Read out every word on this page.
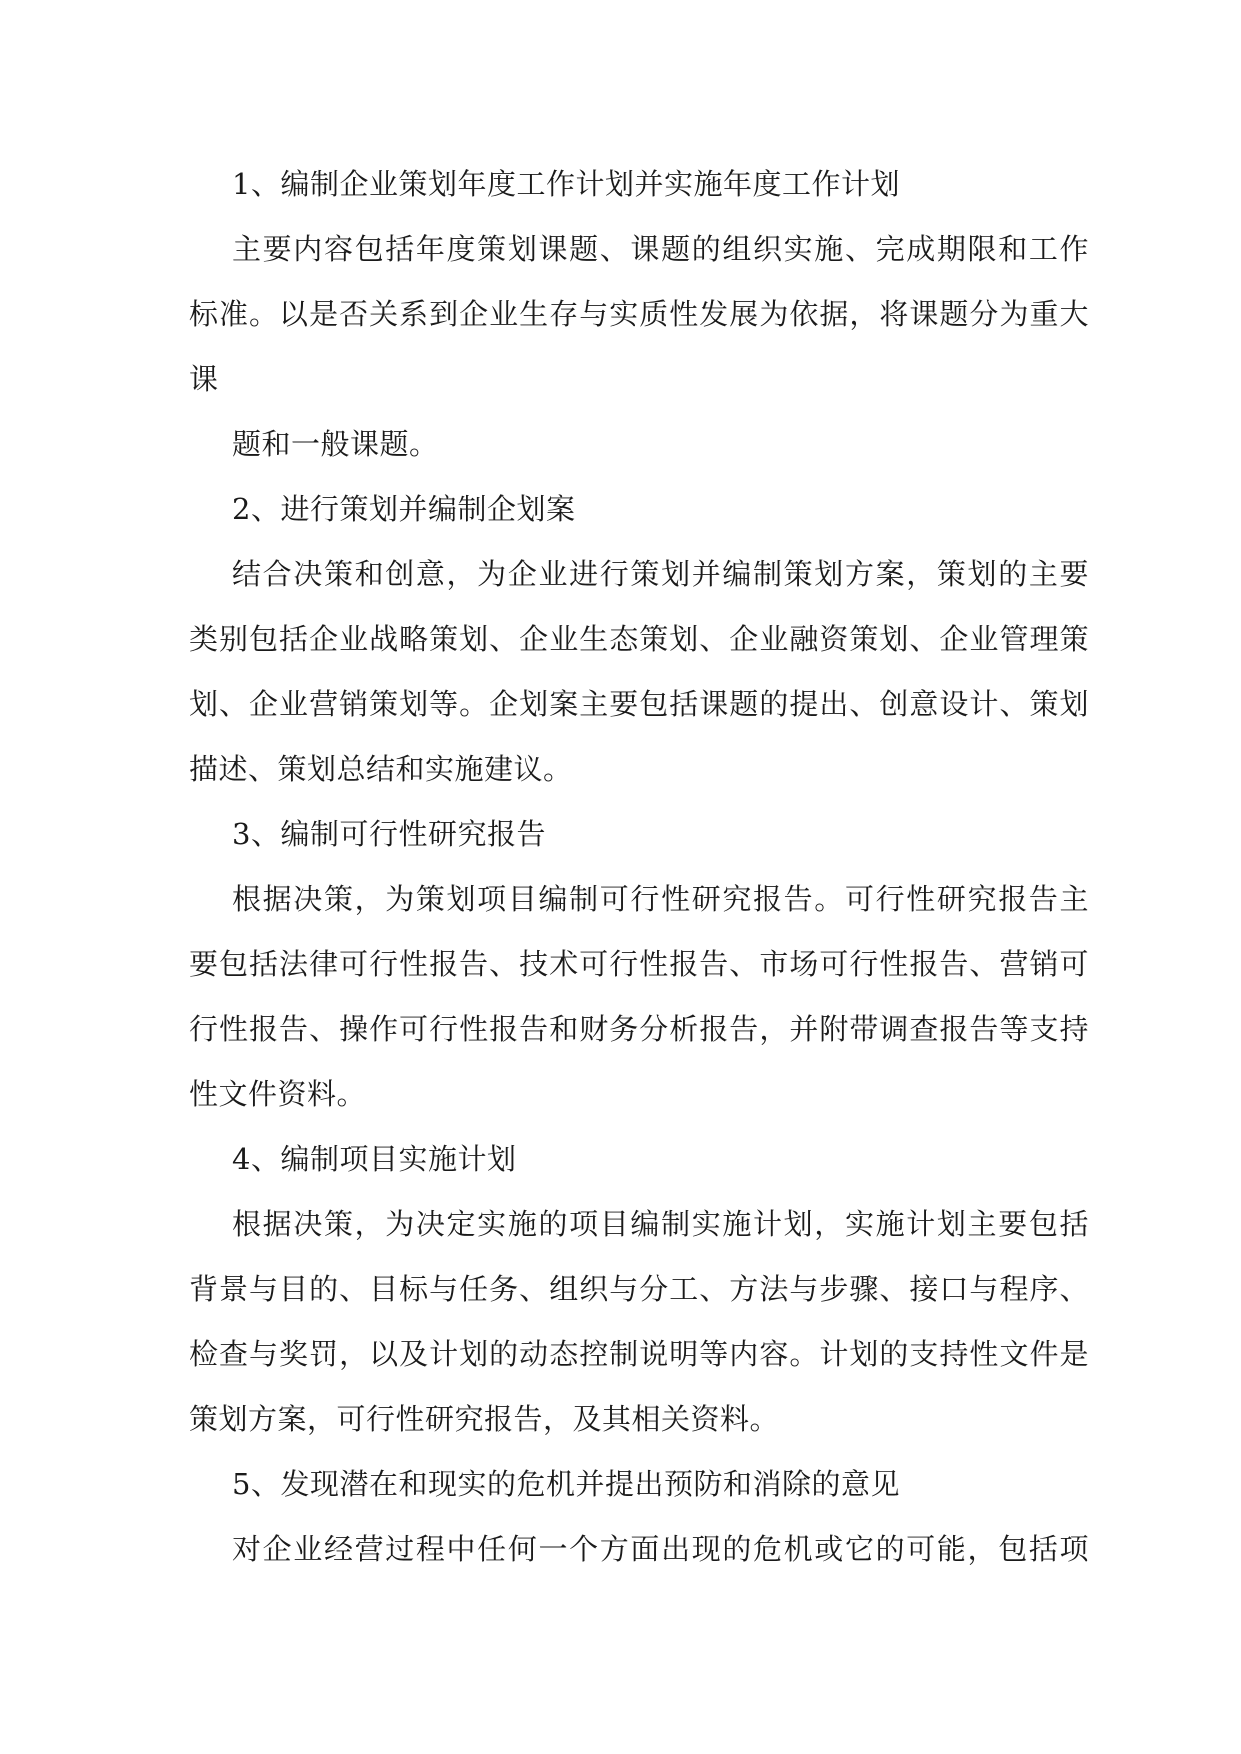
1、编制企业策划年度工作计划并实施年度工作计划
主要内容包括年度策划课题、课题的组织实施、完成期限和工作
标准。以是否关系到企业生存与实质性发展为依据，将课题分为重大
课
题和一般课题。
2、进行策划并编制企划案
结合决策和创意，为企业进行策划并编制策划方案，策划的主要
类别包括企业战略策划、企业生态策划、企业融资策划、企业管理策
划、企业营销策划等。企划案主要包括课题的提出、创意设计、策划
描述、策划总结和实施建议。
3、编制可行性研究报告
根据决策，为策划项目编制可行性研究报告。可行性研究报告主
要包括法律可行性报告、技术可行性报告、市场可行性报告、营销可
行性报告、操作可行性报告和财务分析报告，并附带调查报告等支持
性文件资料。
4、编制项目实施计划
根据决策，为决定实施的项目编制实施计划，实施计划主要包括
背景与目的、目标与任务、组织与分工、方法与步骤、接口与程序、
检查与奖罚，以及计划的动态控制说明等内容。计划的支持性文件是
策划方案，可行性研究报告，及其相关资料。
5、发现潜在和现实的危机并提出预防和消除的意见
对企业经营过程中任何一个方面出现的危机或它的可能，包括项
